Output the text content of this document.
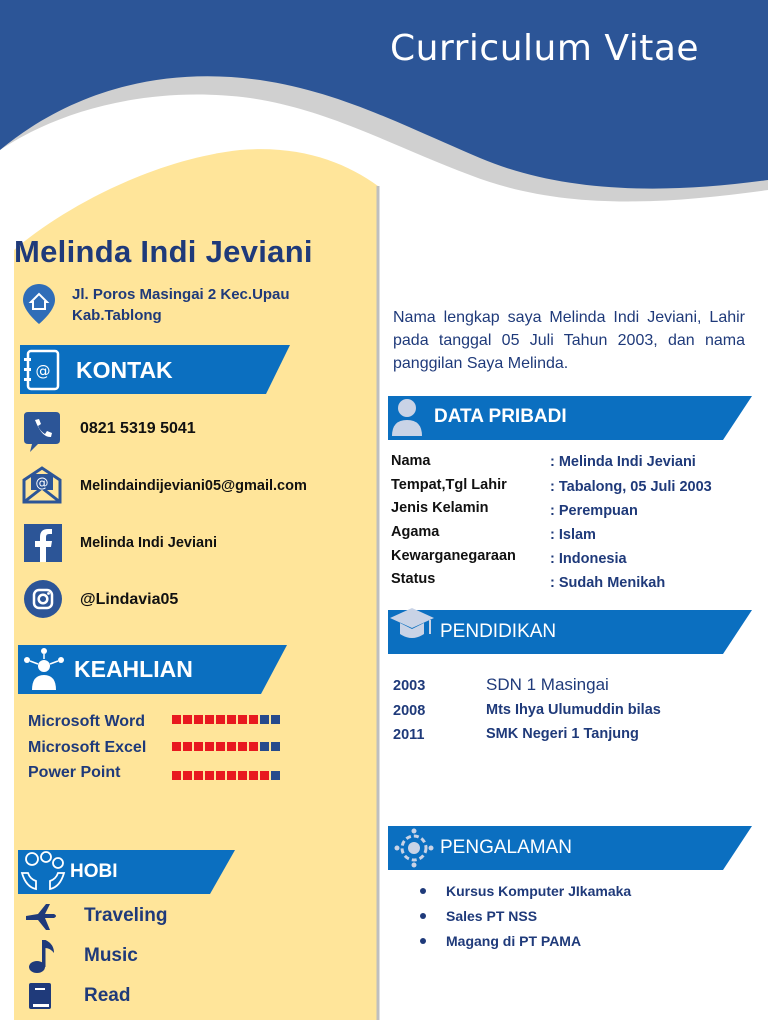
Curriculum Vitae
Melinda Indi Jeviani
Jl. Poros Masingai 2 Kec.Upau Kab.Tablong
@ KONTAK
0821 5319 5041
@ Melindaindijeviani05@gmail.com
Melinda Indi Jeviani
@Lindavia05
KEAHLIAN
Microsoft Word
Microsoft Excel
Power Point
HOBI
Traveling
Music
Read
Nama lengkap saya Melinda Indi Jeviani, Lahir pada tanggal 05 Juli Tahun 2003, dan nama panggilan Saya Melinda.
DATA PRIBADI
Nama	: Melinda Indi Jeviani
Tempat,Tgl Lahir	: Tabalong, 05 Juli 2003
Jenis Kelamin	: Perempuan
Agama	: Islam
Kewarganegaraan : Indonesia
Status	: Sudah Menikah
PENDIDIKAN
2003	SDN 1 Masingai
2008	Mts Ihya Ulumuddin bilas
2011	SMK Negeri 1 Tanjung
PENGALAMAN
Kursus Komputer JIkamaka
Sales PT NSS
Magang di PT PAMA
